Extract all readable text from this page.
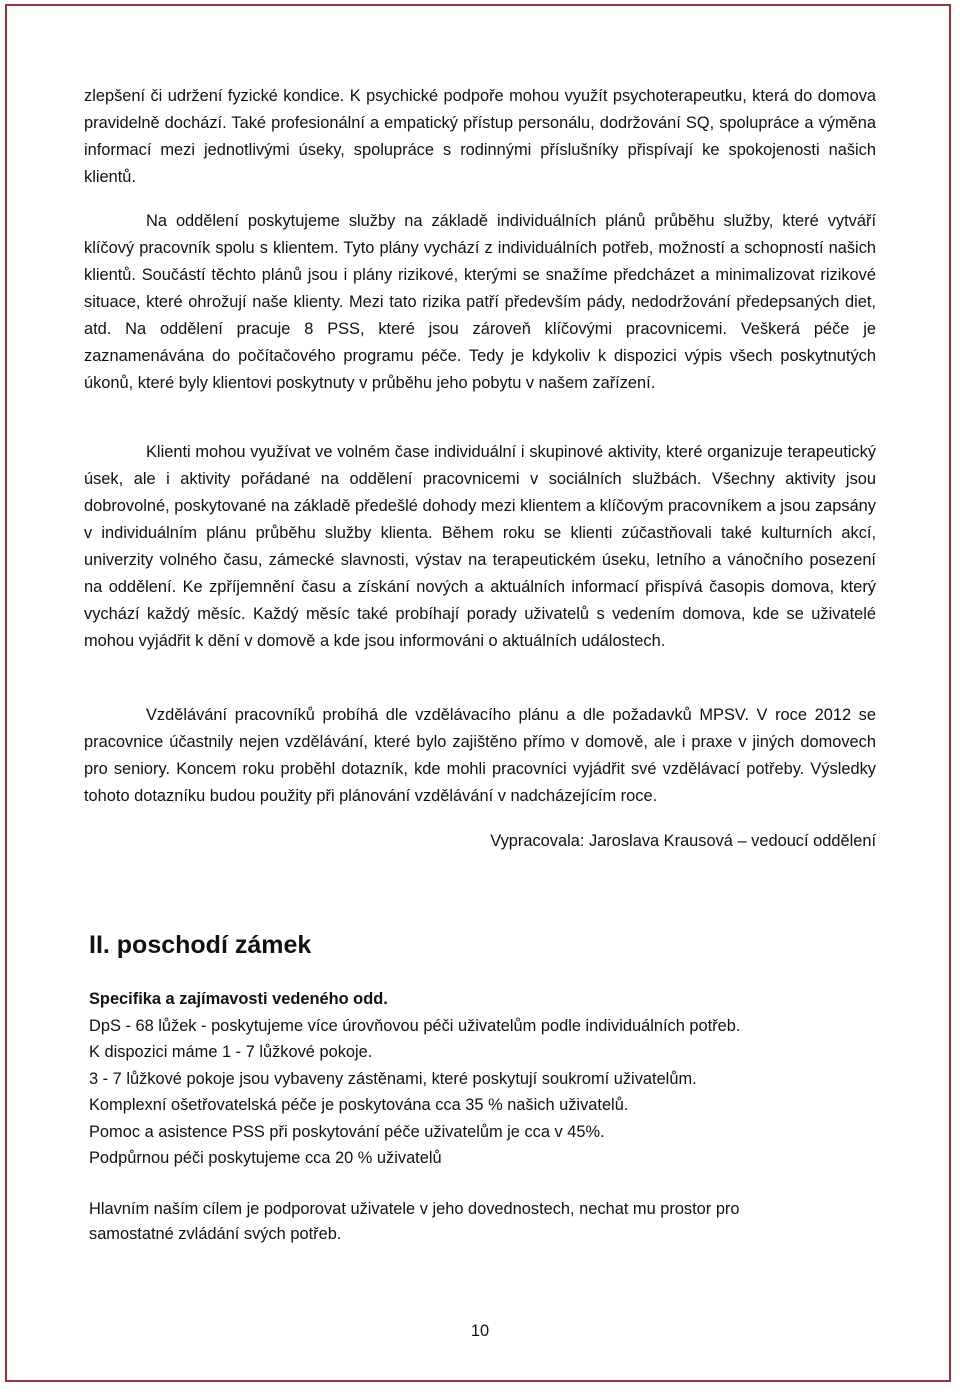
zlepšení či udržení fyzické kondice. K psychické podpoře mohou využít psychoterapeutku, která do domova pravidelně dochází. Také profesionální a empatický přístup personálu, dodržování SQ, spolupráce a výměna informací mezi jednotlivými úseky, spolupráce s rodinnými příslušníky přispívají ke spokojenosti našich klientů.

Na oddělení poskytujeme služby na základě individuálních plánů průběhu služby, které vytváří klíčový pracovník spolu s klientem. Tyto plány vychází z individuálních potřeb, možností a schopností našich klientů. Součástí těchto plánů jsou i plány rizikové, kterými se snažíme předcházet a minimalizovat rizikové situace, které ohrožují naše klienty. Mezi tato rizika patří především pády, nedodržování předepsaných diet, atd. Na oddělení pracuje 8 PSS, které jsou zároveň klíčovými pracovnicemi. Veškerá péče je zaznamenávána do počítačového programu péče. Tedy je kdykoliv k dispozici výpis všech poskytnutých úkonů, které byly klientovi poskytnuty v průběhu jeho pobytu v našem zařízení.

Klienti mohou využívat ve volném čase individuální i skupinové aktivity, které organizuje terapeutický úsek, ale i aktivity pořádané na oddělení pracovnicemi v sociálních službách. Všechny aktivity jsou dobrovolné, poskytované na základě předešlé dohody mezi klientem a klíčovým pracovníkem a jsou zapsány v individuálním plánu průběhu služby klienta. Během roku se klienti zúčastňovali také kulturních akcí, univerzity volného času, zámecké slavnosti, výstav na terapeutickém úseku, letního a vánočního posezení na oddělení. Ke zpříjemnění času a získání nových a aktuálních informací přispívá časopis domova, který vychází každý měsíc. Každý měsíc také probíhají porady uživatelů s vedením domova, kde se uživatelé mohou vyjádřit k dění v domově a kde jsou informováni o aktuálních událostech.

Vzdělávání pracovníků probíhá dle vzdělávacího plánu a dle požadavků MPSV. V roce 2012 se pracovnice účastnily nejen vzdělávání, které bylo zajištěno přímo v domově, ale i praxe v jiných domovech pro seniory. Koncem roku proběhl dotazník, kde mohli pracovníci vyjádřit své vzdělávací potřeby. Výsledky tohoto dotazníku budou použity při plánování vzdělávání v nadcházejícím roce.

Vypracovala: Jaroslava Krausová – vedoucí oddělení

II. poschodí zámek
Specifika a zajímavosti vedeného odd.
DpS - 68 lůžek - poskytujeme více úrovňovou péči uživatelům podle individuálních potřeb.
K dispozici máme 1 - 7 lůžkové pokoje.
3 - 7 lůžkové pokoje jsou vybaveny zástěnami, které poskytují soukromí uživatelům.
Komplexní ošetřovatelská péče je poskytována cca 35 % našich uživatelů.
Pomoc a asistence PSS při poskytování péče uživatelům je cca v 45%.
Podpůrnou péči poskytujeme cca 20 % uživatelů

Hlavním naším cílem je podporovat uživatele v jeho dovednostech, nechat mu prostor pro samostatné zvládání svých potřeb.

10
